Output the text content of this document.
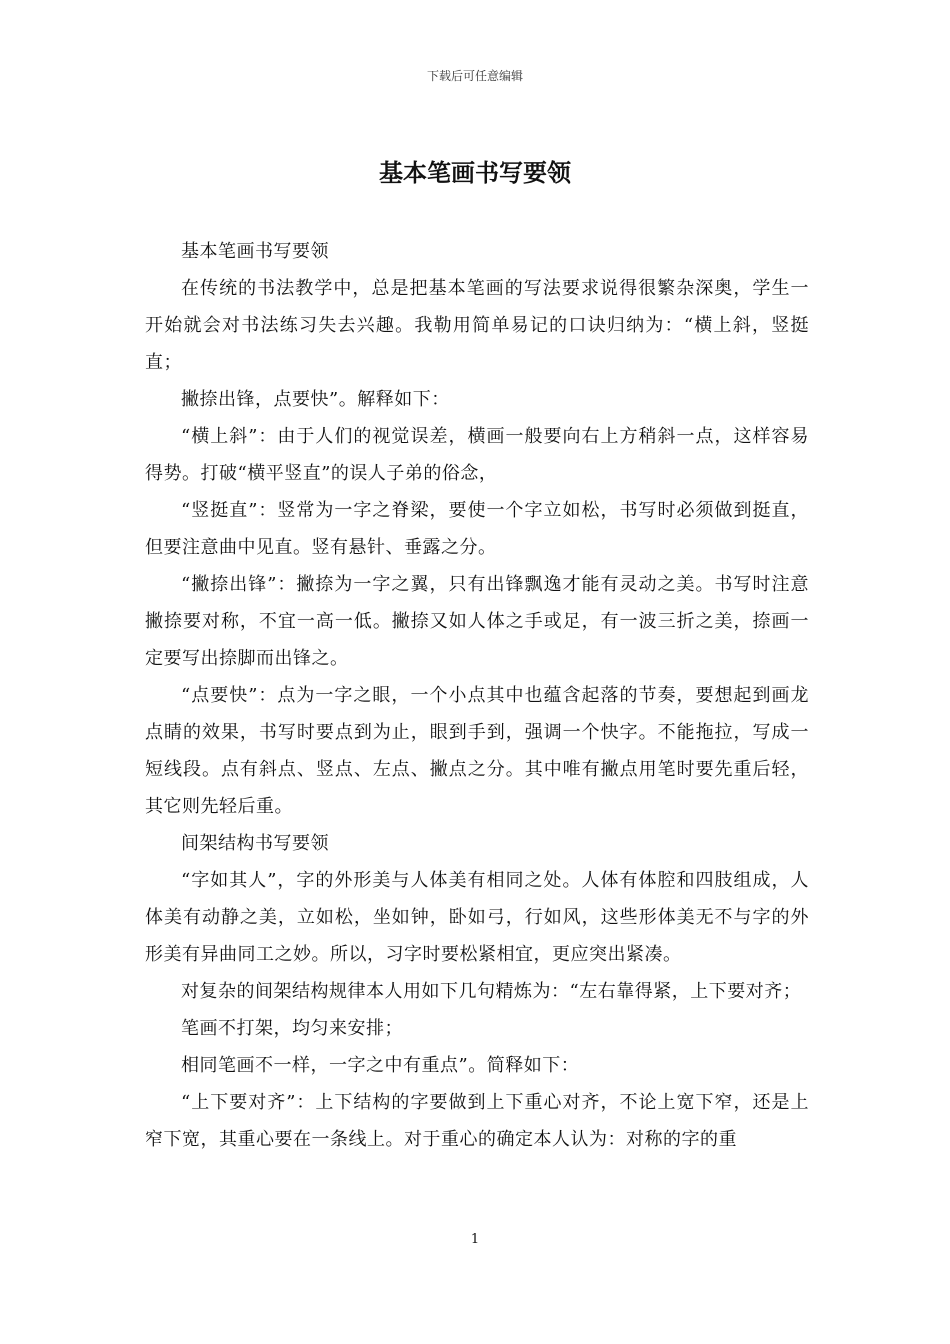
下载后可任意编辑
基本笔画书写要领

基本笔画书写要领

在传统的书法教学中，总是把基本笔画的写法要求说得很繁杂深奥，学生一开始就会对书法练习失去兴趣。我勒用简单易记的口诀归纳为：“横上斜，竖挺直；

撇捺出锋，点要快”。解释如下：

“横上斜”：由于人们的视觉误差，横画一般要向右上方稍斜一点，这样容易得势。打破“横平竖直”的误人子弟的俗念，

“竖挺直”：竖常为一字之脊梁，要使一个字立如松，书写时必须做到挺直，但要注意曲中见直。竖有悬针、垂露之分。

“撇捺出锋”：撇捺为一字之翼，只有出锋飘逸才能有灵动之美。书写时注意撇捺要对称，不宜一高一低。撇捺又如人体之手或足，有一波三折之美，捺画一定要写出捺脚而出锋之。

“点要快”：点为一字之眼，一个小点其中也蕴含起落的节奏，要想起到画龙点睛的效果，书写时要点到为止，眼到手到，强调一个快字。不能拖拉，写成一短线段。点有斜点、竖点、左点、撇点之分。其中唯有撇点用笔时要先重后轻，其它则先轻后重。

间架结构书写要领

“字如其人”，字的外形美与人体美有相同之处。人体有体腔和四肢组成，人体美有动静之美，立如松，坐如钟，卧如弓，行如风，这些形体美无不与字的外形美有异曲同工之妙。所以，习字时要松紧相宜，更应突出紧凑。

对复杂的间架结构规律本人用如下几句精炼为：“左右靠得紧，上下要对齐；

笔画不打架，均匀来安排；

相同笔画不一样，一字之中有重点”。简释如下：

“上下要对齐”：上下结构的字要做到上下重心对齐，不论上宽下窄，还是上窄下宽，其重心要在一条线上。对于重心的确定本人认为：对称的字的重

1
